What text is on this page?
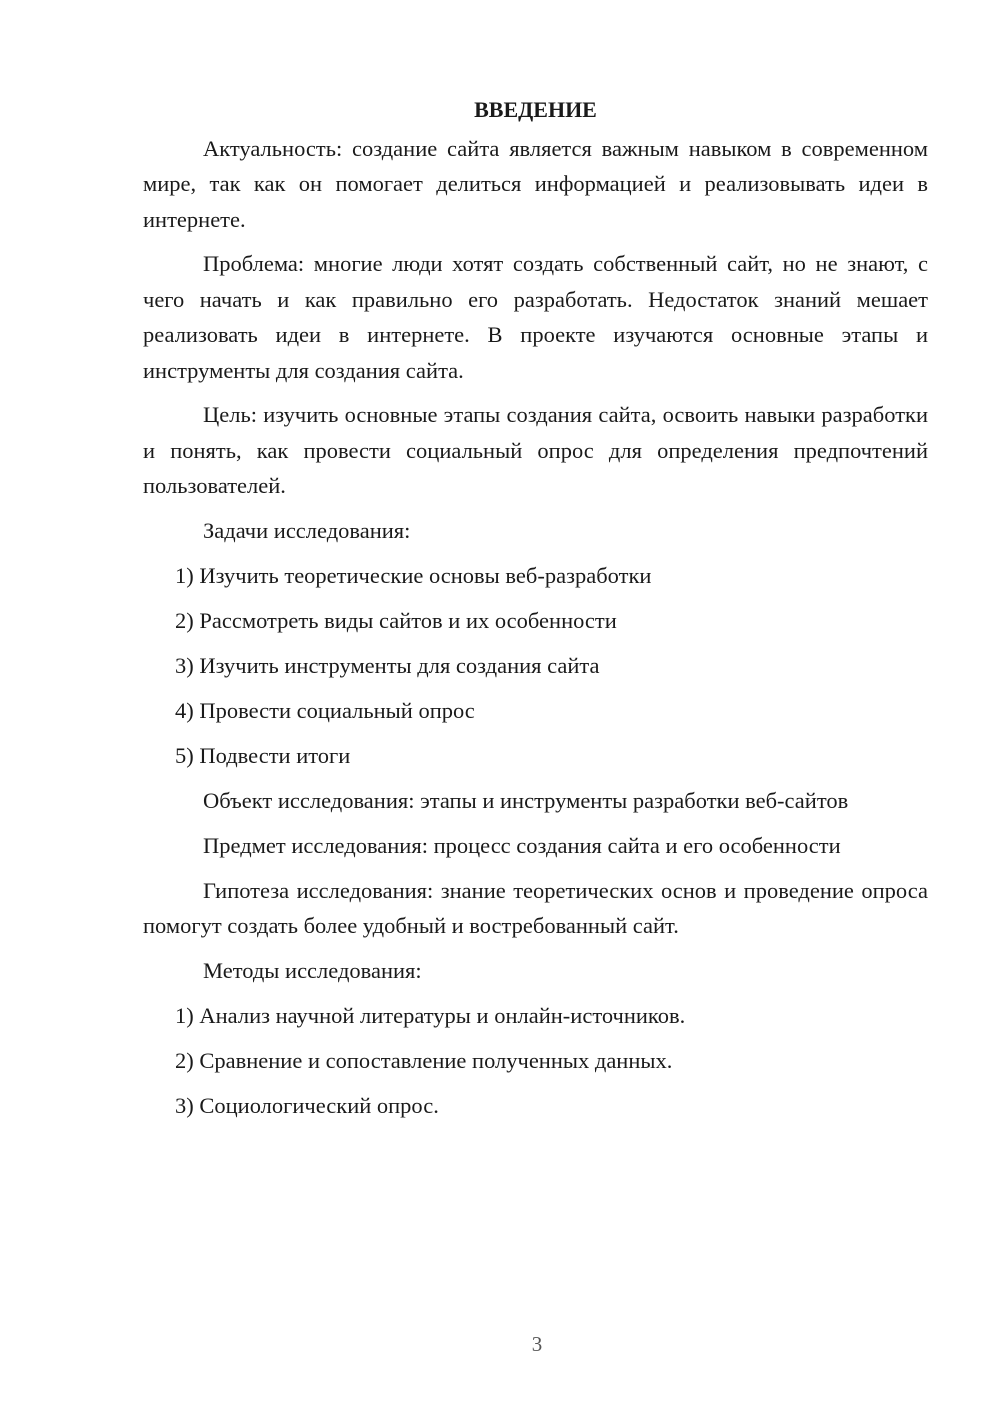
ВВЕДЕНИЕ
Актуальность: создание сайта является важным навыком в современном мире, так как он помогает делиться информацией и реализовывать идеи в интернете.
Проблема: многие люди хотят создать собственный сайт, но не знают, с чего начать и как правильно его разработать. Недостаток знаний мешает реализовать идеи в интернете. В проекте изучаются основные этапы и инструменты для создания сайта.
Цель: изучить основные этапы создания сайта, освоить навыки разработки и понять, как провести социальный опрос для определения предпочтений пользователей.
Задачи исследования:
1) Изучить теоретические основы веб-разработки
2) Рассмотреть виды сайтов и их особенности
3) Изучить инструменты для создания сайта
4) Провести социальный опрос
5) Подвести итоги
Объект исследования: этапы и инструменты разработки веб-сайтов
Предмет исследования: процесс создания сайта и его особенности
Гипотеза исследования: знание теоретических основ и проведение опроса помогут создать более удобный и востребованный сайт.
Методы исследования:
1) Анализ научной литературы и онлайн-источников.
2) Сравнение и сопоставление полученных данных.
3) Социологический опрос.
3
